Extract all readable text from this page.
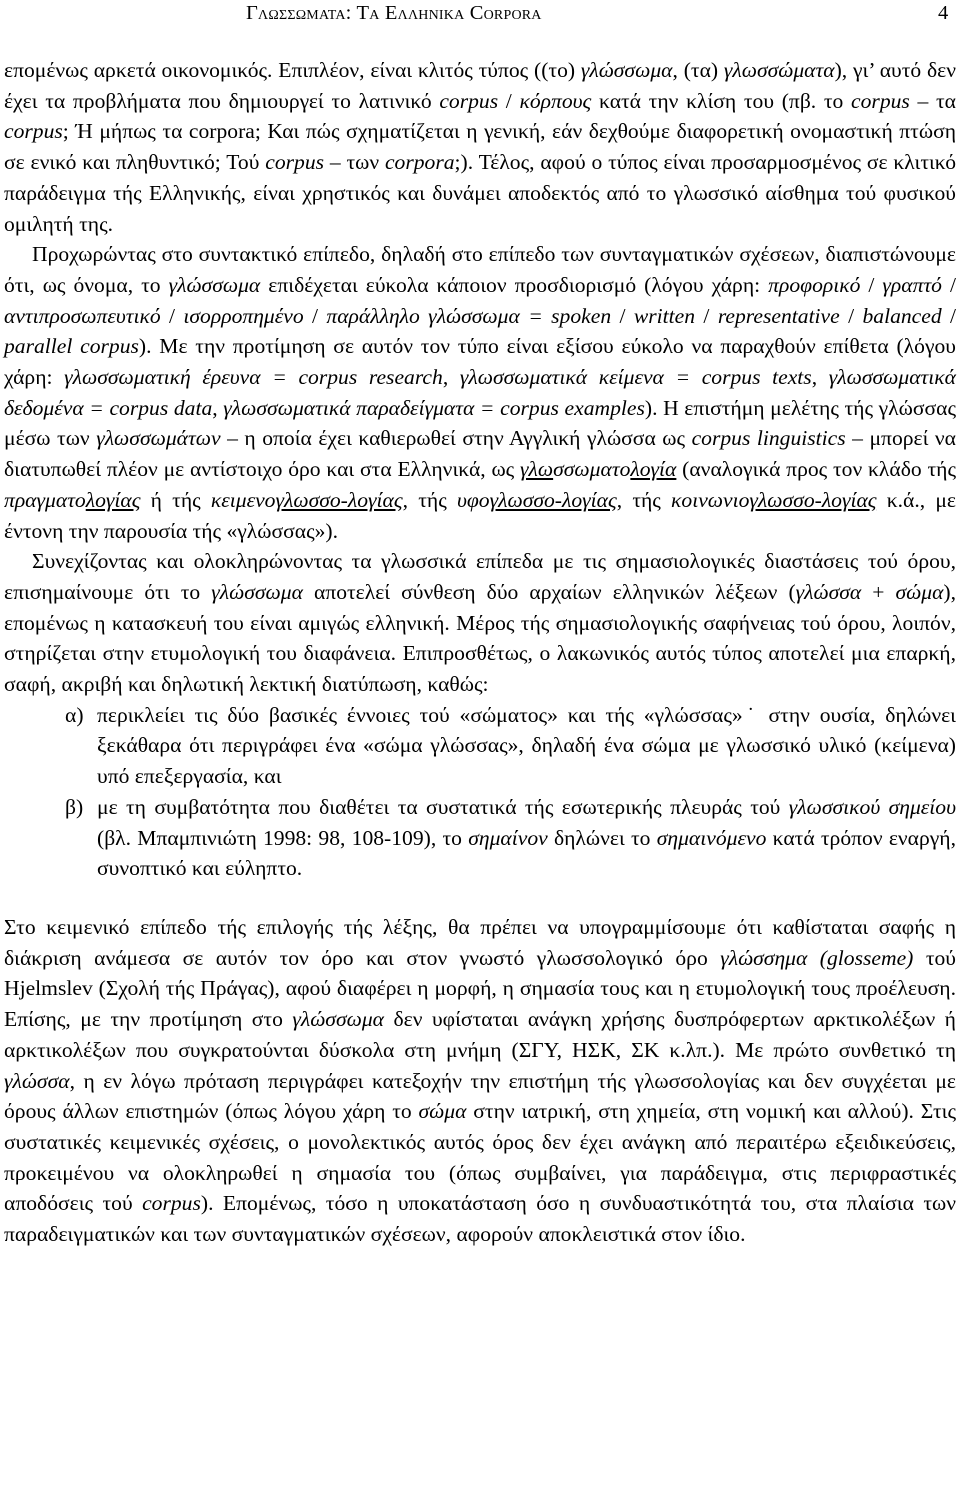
Γλωσσωματα: Τα Ελληνικα Corpora	4

επομένως αρκετά οικονομικός. Επιπλέον, είναι κλιτός τύπος ((το) γλώσσωμα, (τα) γλωσσώματα), γι’ αυτό δεν έχει τα προβλήματα που δημιουργεί το λατινικό corpus / κόρπους κατά την κλίση του (πβ. το corpus – τα corpus; Ή μήπως τα corpora; Και πώς σχηματίζεται η γενική, εάν δεχθούμε διαφορετική ονομαστική πτώση σε ενικό και πληθυντικό; Τού corpus – των corpora;). Τέλος, αφού ο τύπος είναι προσαρμοσμένος σε κλιτικό παράδειγμα τής Ελληνικής, είναι χρηστικός και δυνάμει αποδεκτός από το γλωσσικό αίσθημα τού φυσικού ομιλητή της.

Προχωρώντας στο συντακτικό επίπεδο, δηλαδή στο επίπεδο των συνταγματικών σχέσεων, διαπιστώνουμε ότι, ως όνομα, το γλώσσωμα επιδέχεται εύκολα κάποιον προσδιορισμό (λόγου χάρη: προφορικό / γραπτό / αντιπροσωπευτικό / ισορροπημένο / παράλληλο γλώσσωμα = spoken / written / representative / balanced / parallel corpus). Με την προτίμηση σε αυτόν τον τύπο είναι εξίσου εύκολο να παραχθούν επίθετα (λόγου χάρη: γλωσσωματική έρευνα = corpus research, γλωσσωματικά κείμενα = corpus texts, γλωσσωματικά δεδομένα = corpus data, γλωσσωματικά παραδείγματα = corpus examples). Η επιστήμη μελέτης τής γλώσσας μέσω των γλωσσωμάτων – η οποία έχει καθιερωθεί στην Αγγλική γλώσσα ως corpus linguistics – μπορεί να διατυπωθεί πλέον με αντίστοιχο όρο και στα Ελληνικά, ως γλωσσωματολογία (αναλογικά προς τον κλάδο τής πραγματολογίας ή τής κειμενογλωσσο-λογίας, τής υφογλωσσο-λογίας, τής κοινωνιογλωσσο-λογίας κ.ά., με έντονη την παρουσία τής «γλώσσας»).

Συνεχίζοντας και ολοκληρώνοντας τα γλωσσικά επίπεδα με τις σημασιολογικές διαστάσεις τού όρου, επισημαίνουμε ότι το γλώσσωμα αποτελεί σύνθεση δύο αρχαίων ελληνικών λέξεων (γλώσσα + σώμα), επομένως η κατασκευή του είναι αμιγώς ελληνική. Μέρος τής σημασιολογικής σαφήνειας τού όρου, λοιπόν, στηρίζεται στην ετυμολογική του διαφάνεια. Επιπροσθέτως, ο λακωνικός αυτός τύπος αποτελεί μια επαρκή, σαφή, ακριβή και δηλωτική λεκτική διατύπωση, καθώς:

α) περικλείει τις δύο βασικές έννοιες τού «σώματος» και τής «γλώσσας»˙ στην ουσία, δηλώνει ξεκάθαρα ότι περιγράφει ένα «σώμα γλώσσας», δηλαδή ένα σώμα με γλωσσικό υλικό (κείμενα) υπό επεξεργασία, και
β) με τη συμβατότητα που διαθέτει τα συστατικά τής εσωτερικής πλευράς τού γλωσσικού σημείου (βλ. Μπαμπινιώτη 1998: 98, 108-109), το σημαίνον δηλώνει το σημαινόμενο κατά τρόπον εναργή, συνοπτικό και εύληπτο.

Στο κειμενικό επίπεδο τής επιλογής τής λέξης, θα πρέπει να υπογραμμίσουμε ότι καθίσταται σαφής η διάκριση ανάμεσα σε αυτόν τον όρο και στον γνωστό γλωσσολογικό όρο γλώσσημα (glosseme) τού Hjelmslev (Σχολή τής Πράγας), αφού διαφέρει η μορφή, η σημασία τους και η ετυμολογική τους προέλευση. Επίσης, με την προτίμηση στο γλώσσωμα δεν υφίσταται ανάγκη χρήσης δυσπρόφερτων αρκτικολέξων ή αρκτικολέξων που συγκρατούνται δύσκολα στη μνήμη (ΣΓΥ, ΗΣΚ, ΣΚ κ.λπ.). Με πρώτο συνθετικό τη γλώσσα, η εν λόγω πρόταση περιγράφει κατεξοχήν την επιστήμη τής γλωσσολογίας και δεν συγχέεται με όρους άλλων επιστημών (όπως λόγου χάρη το σώμα στην ιατρική, στη χημεία, στη νομική και αλλού). Στις συστατικές κειμενικές σχέσεις, ο μονολεκτικός αυτός όρος δεν έχει ανάγκη από περαιτέρω εξειδικεύσεις, προκειμένου να ολοκληρωθεί η σημασία του (όπως συμβαίνει, για παράδειγμα, στις περιφραστικές αποδόσεις τού corpus). Επομένως, τόσο η υποκατάσταση όσο η συνδυαστικότητά του, στα πλαίσια των παραδειγματικών και των συνταγματικών σχέσεων, αφορούν αποκλειστικά στον ίδιο.
